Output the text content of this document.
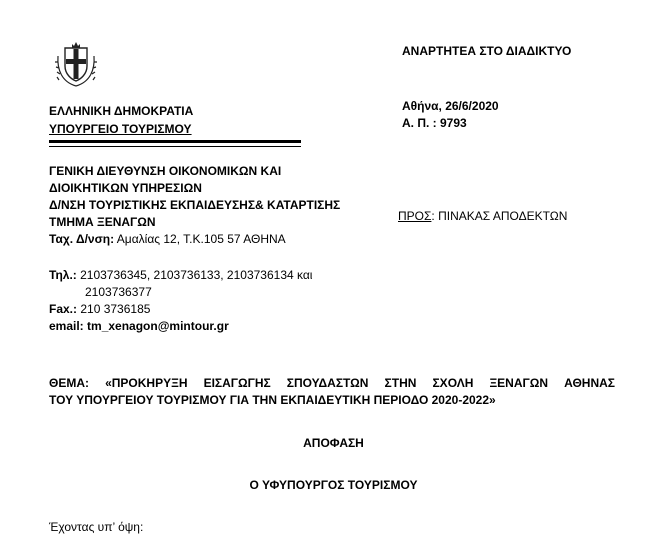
ΕΛΛΗΝΙΚΗ ΔΗΜΟΚΡΑΤΙΑ
ΥΠΟΥΡΓΕΙΟ ΤΟΥΡΙΣΜΟΥ
ΑΝΑΡΤΗΤΕΑ ΣΤΟ ΔΙΑΔΙΚΤΥΟ
Αθήνα, 26/6/2020
Α. Π. : 9793
ΓΕΝΙΚΗ ΔΙΕΥΘΥΝΣΗ ΟΙΚΟΝΟΜΙΚΩΝ ΚΑΙ
ΔΙΟΙΚΗΤΙΚΩΝ ΥΠΗΡΕΣΙΩΝ
Δ/ΝΣΗ ΤΟΥΡΙΣΤΙΚΗΣ ΕΚΠΑΙΔΕΥΣΗΣ& ΚΑΤΑΡΤΙΣΗΣ
ΤΜΗΜΑ ΞΕΝΑΓΩΝ
Ταχ. Δ/νση: Αμαλίας 12, Τ.Κ.105 57 ΑΘΗΝΑ
Τηλ.: 2103736345, 2103736133, 2103736134 και
2103736377
Fax.: 210 3736185
email: tm_xenagon@mintour.gr
ΠΡΟΣ: ΠΙΝΑΚΑΣ ΑΠΟΔΕΚΤΩΝ
ΘΕΜΑ: «ΠΡΟΚΗΡΥΞΗ ΕΙΣΑΓΩΓΗΣ ΣΠΟΥΔΑΣΤΩΝ ΣΤΗΝ ΣΧΟΛΗ ΞΕΝΑΓΩΝ ΑΘΗΝΑΣ
ΤΟΥ ΥΠΟΥΡΓΕΙΟΥ ΤΟΥΡΙΣΜΟΥ ΓΙΑ ΤΗΝ ΕΚΠΑΙΔΕΥΤΙΚΗ ΠΕΡΙΟΔΟ 2020-2022»
ΑΠΟΦΑΣΗ
Ο ΥΦΥΠΟΥΡΓΟΣ ΤΟΥΡΙΣΜΟΥ
Έχοντας υπ’ όψη:
